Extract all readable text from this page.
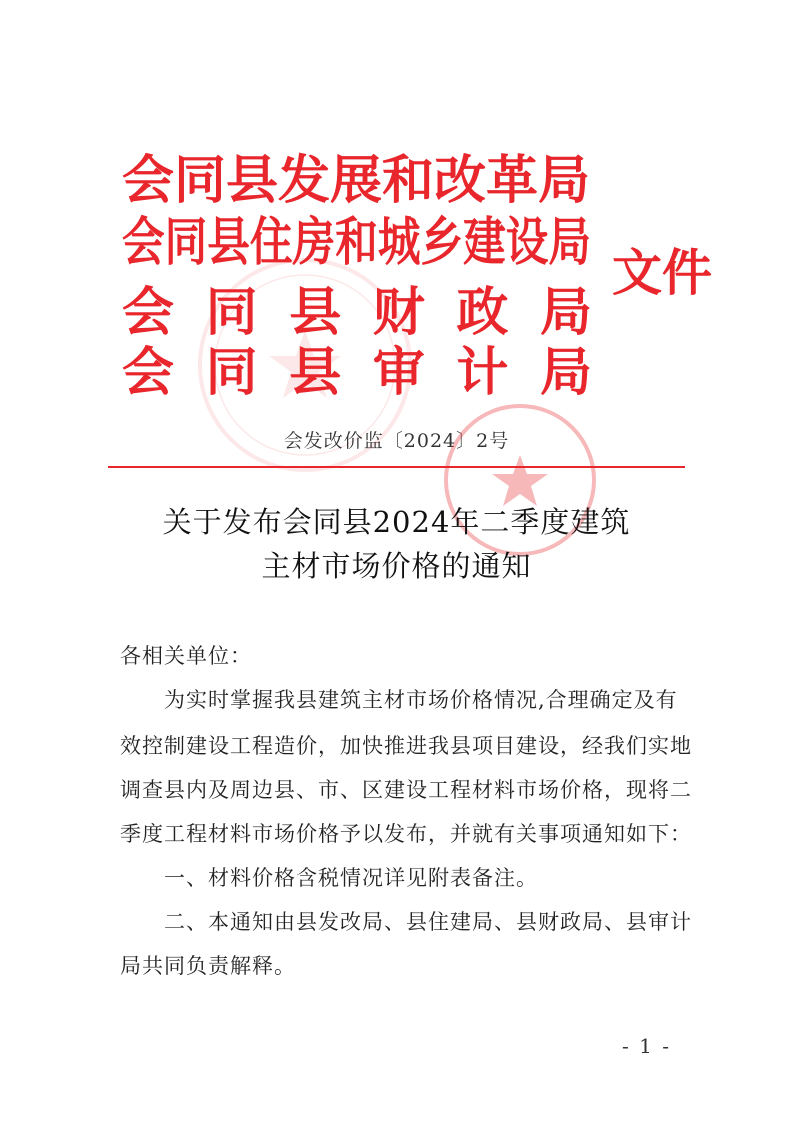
会同县发展和改革局
会同县住房和城乡建设局
会 同 县 财 政 局
会 同 县 审 计 局
文件
会发改价监〔2024〕2号
关于发布会同县2024年二季度建筑
主材市场价格的通知
各相关单位：
为实时掌握我县建筑主材市场价格情况,合理确定及有
效控制建设工程造价，加快推进我县项目建设，经我们实地
调查县内及周边县、市、区建设工程材料市场价格，现将二
季度工程材料市场价格予以发布，并就有关事项通知如下：
一、材料价格含税情况详见附表备注。
二、本通知由县发改局、县住建局、县财政局、县审计
局共同负责解释。
- 1 -
